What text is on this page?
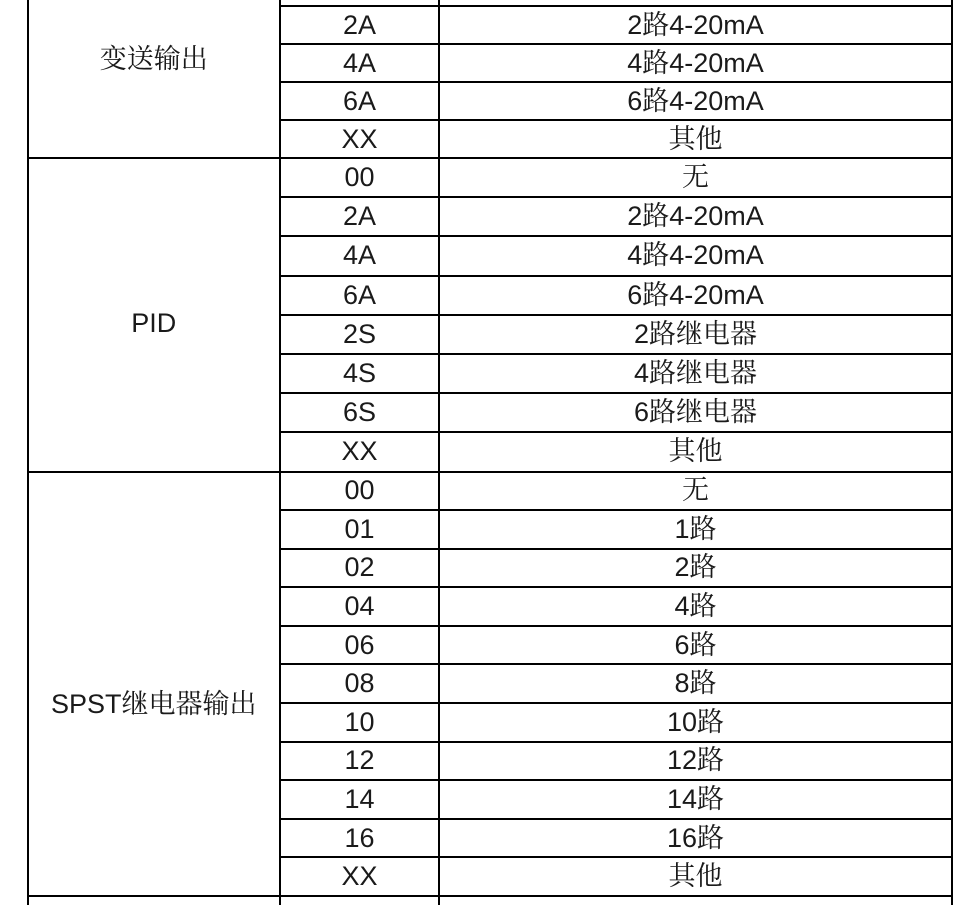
变送输出
2A	2路4-20mA
4A	4路4-20mA
6A	6路4-20mA
XX	其他
PID
00	无
2A	2路4-20mA
4A	4路4-20mA
6A	6路4-20mA
2S	2路继电器
4S	4路继电器
6S	6路继电器
XX	其他
SPST继电器输出
00	无
01	1路
02	2路
04	4路
06	6路
08	8路
10	10路
12	12路
14	14路
16	16路
XX	其他
